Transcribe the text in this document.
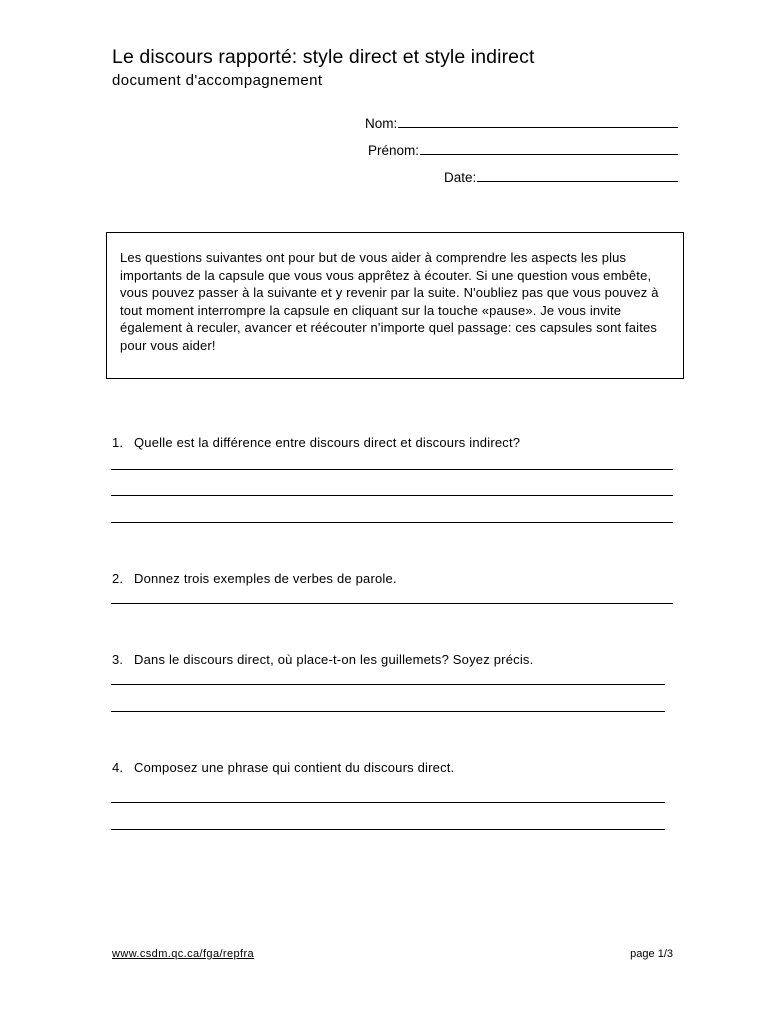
Le discours rapporté: style direct et style indirect
document d'accompagnement
Nom:
Prénom:
Date:
Les questions suivantes ont pour but de vous aider à comprendre les aspects les plus importants de la capsule que vous vous apprêtez à écouter. Si une question vous embête, vous pouvez passer à la suivante et y revenir par la suite. N'oubliez pas que vous pouvez à tout moment interrompre la capsule en cliquant sur la touche «pause». Je vous invite également à reculer, avancer et réécouter n'importe quel passage: ces capsules sont faites pour vous aider!
1. Quelle est la différence entre discours direct et discours indirect?
2. Donnez trois exemples de verbes de parole.
3. Dans le discours direct, où place-t-on les guillemets? Soyez précis.
4. Composez une phrase qui contient du discours direct.
www.csdm.qc.ca/fga/repfra	page 1/3
